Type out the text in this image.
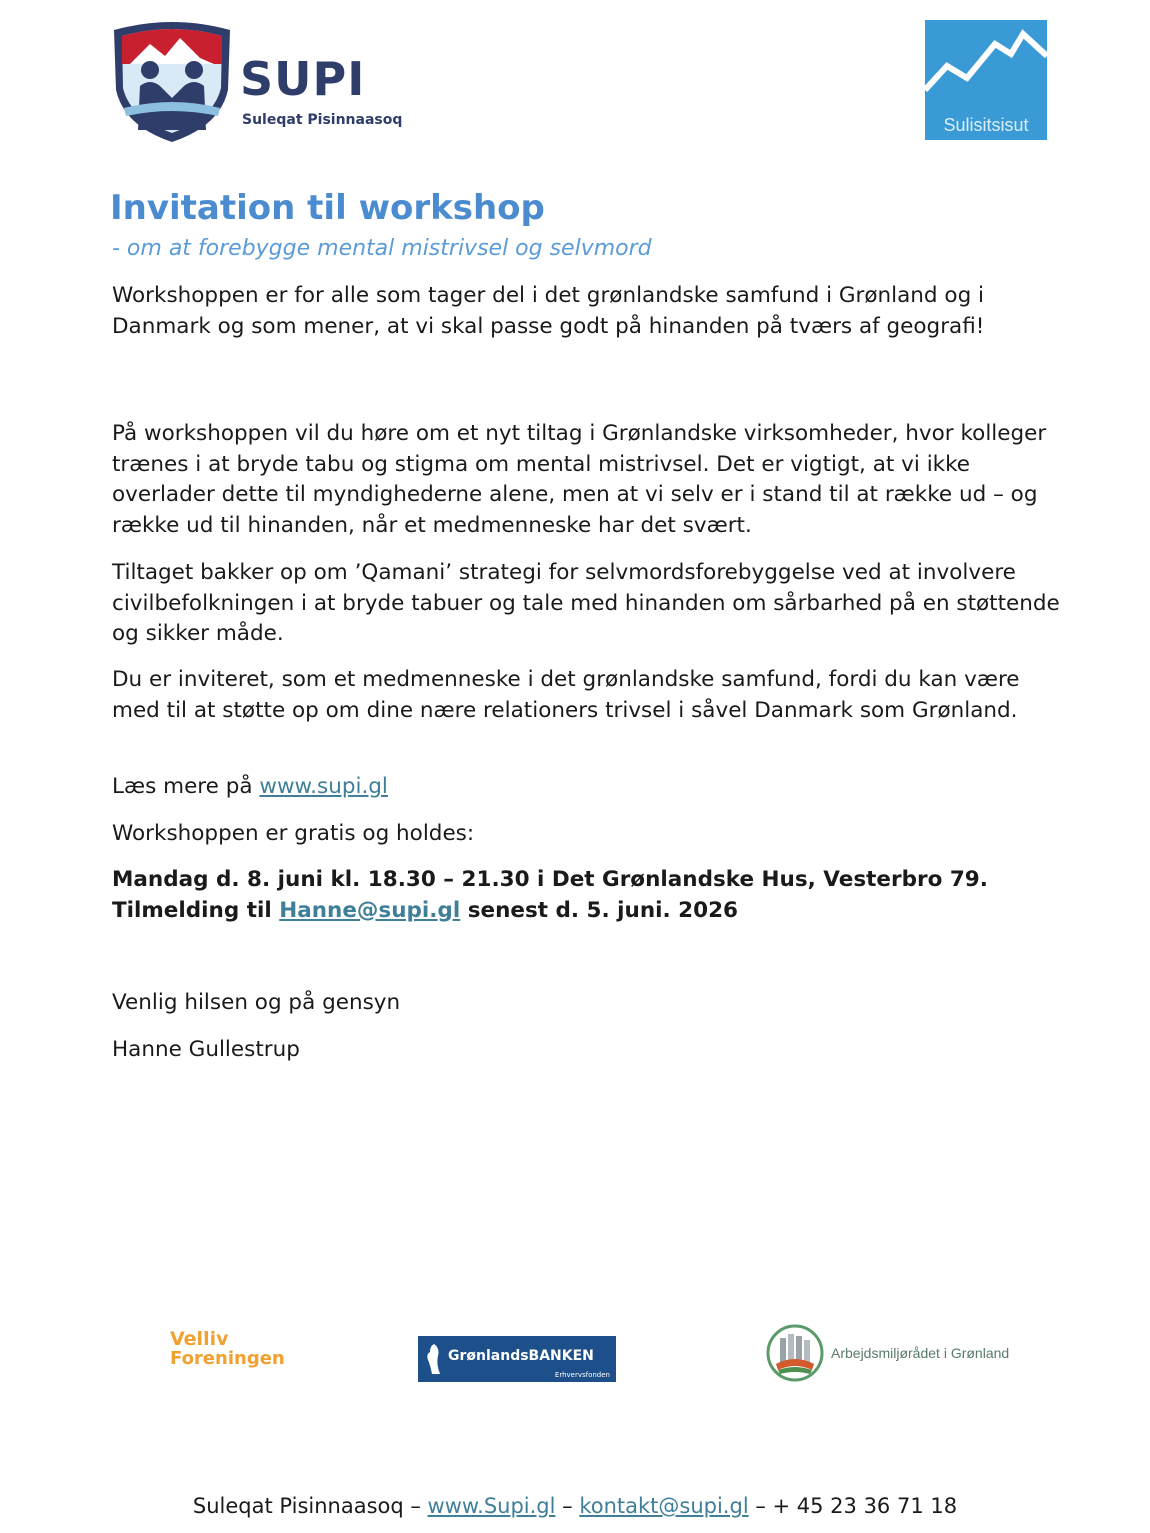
SUPI
Suleqat Pisinnaasoq	Sulisitsisut
Invitation til workshop
- om at forebygge mental mistrivsel og selvmord
Workshoppen er for alle som tager del i det grønlandske samfund i Grønland og i Danmark og som mener, at vi skal passe godt på hinanden på tværs af geografi!
På workshoppen vil du høre om et nyt tiltag i Grønlandske virksomheder, hvor kolleger trænes i at bryde tabu og stigma om mental mistrivsel. Det er vigtigt, at vi ikke overlader dette til myndighederne alene, men at vi selv er i stand til at række ud – og række ud til hinanden, når et medmenneske har det svært.
Tiltaget bakker op om ’Qamani’ strategi for selvmordsforebyggelse ved at involvere civilbefolkningen i at bryde tabuer og tale med hinanden om sårbarhed på en støttende og sikker måde.
Du er inviteret, som et medmenneske i det grønlandske samfund, fordi du kan være med til at støtte op om dine nære relationers trivsel i såvel Danmark som Grønland.
Læs mere på www.supi.gl
Workshoppen er gratis og holdes:
Mandag d. 8. juni kl. 18.30 – 21.30 i Det Grønlandske Hus, Vesterbro 79. Tilmelding til Hanne@supi.gl senest d. 5. juni. 2026
Venlig hilsen og på gensyn
Hanne Gullestrup
Velliv
Foreningen	GrønlandsBANKEN
Erhvervsfonden
Arbejdsmiljørådet i Grønland
Suleqat Pisinnaasoq – www.Supi.gl – kontakt@supi.gl – + 45 23 36 71 18
